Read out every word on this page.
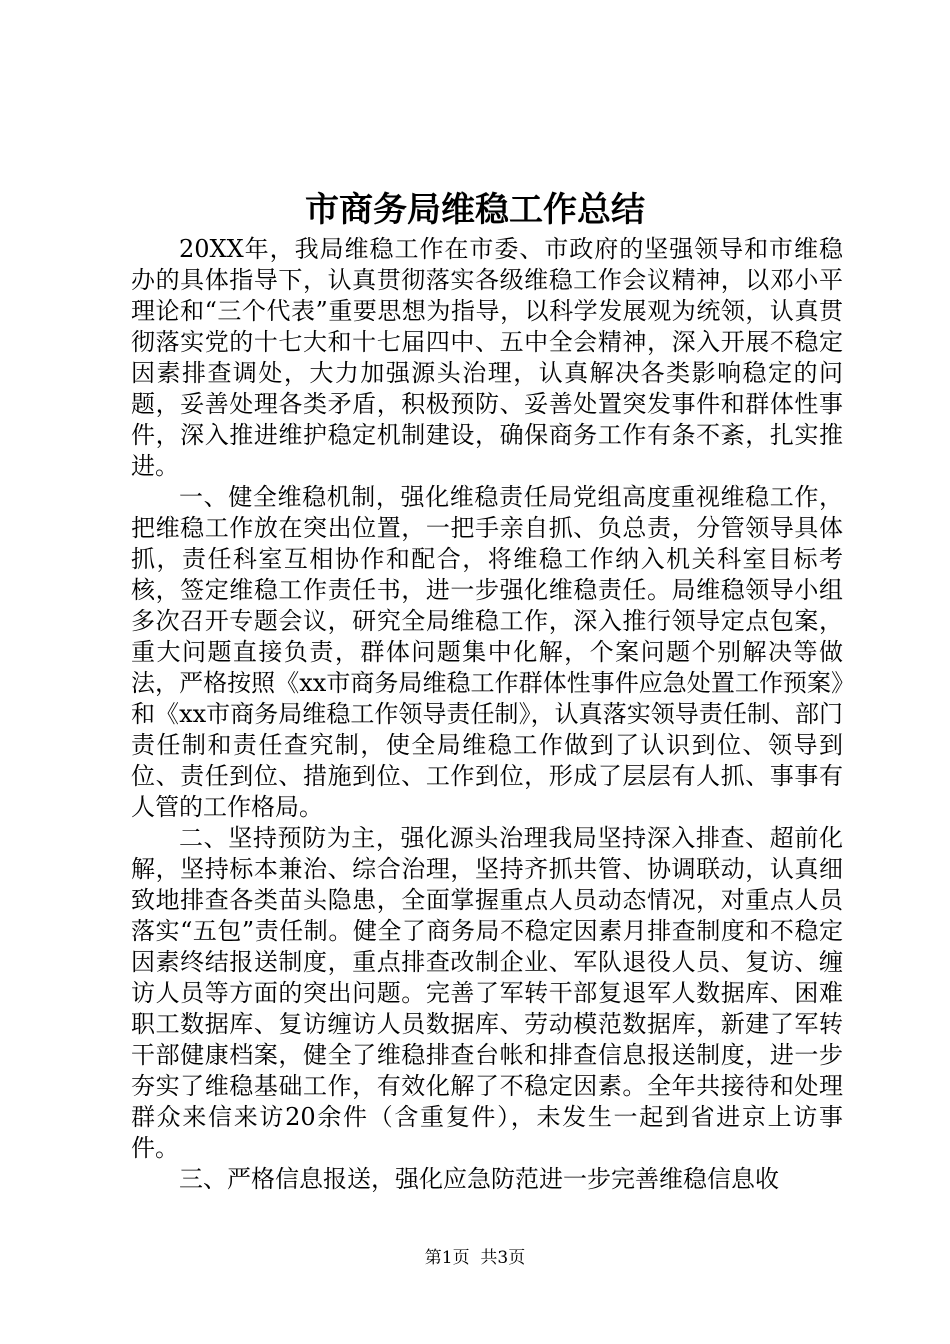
市商务局维稳工作总结

20XX年，我局维稳工作在市委、市政府的坚强领导和市维稳办的具体指导下，认真贯彻落实各级维稳工作会议精神，以邓小平理论和“三个代表”重要思想为指导，以科学发展观为统领，认真贯彻落实党的十七大和十七届四中、五中全会精神，深入开展不稳定因素排查调处，大力加强源头治理，认真解决各类影响稳定的问题，妥善处理各类矛盾，积极预防、妥善处置突发事件和群体性事件，深入推进维护稳定机制建设，确保商务工作有条不紊，扎实推进。

一、健全维稳机制，强化维稳责任局党组高度重视维稳工作，把维稳工作放在突出位置，一把手亲自抓、负总责，分管领导具体抓，责任科室互相协作和配合，将维稳工作纳入机关科室目标考核，签定维稳工作责任书，进一步强化维稳责任。局维稳领导小组多次召开专题会议，研究全局维稳工作，深入推行领导定点包案，重大问题直接负责，群体问题集中化解，个案问题个别解决等做法，严格按照《xx市商务局维稳工作群体性事件应急处置工作预案》和《xx市商务局维稳工作领导责任制》，认真落实领导责任制、部门责任制和责任查究制，使全局维稳工作做到了认识到位、领导到位、责任到位、措施到位、工作到位，形成了层层有人抓、事事有人管的工作格局。

二、坚持预防为主，强化源头治理我局坚持深入排查、超前化解，坚持标本兼治、综合治理，坚持齐抓共管、协调联动，认真细致地排查各类苗头隐患，全面掌握重点人员动态情况，对重点人员落实“五包”责任制。健全了商务局不稳定因素月排查制度和不稳定因素终结报送制度，重点排查改制企业、军队退役人员、复访、缠访人员等方面的突出问题。完善了军转干部复退军人数据库、困难职工数据库、复访缠访人员数据库、劳动模范数据库，新建了军转干部健康档案，健全了维稳排查台帐和排查信息报送制度，进一步夯实了维稳基础工作，有效化解了不稳定因素。全年共接待和处理群众来信来访20余件（含重复件），未发生一起到省进京上访事件。

三、严格信息报送，强化应急防范进一步完善维稳信息收

第1页  共3页
